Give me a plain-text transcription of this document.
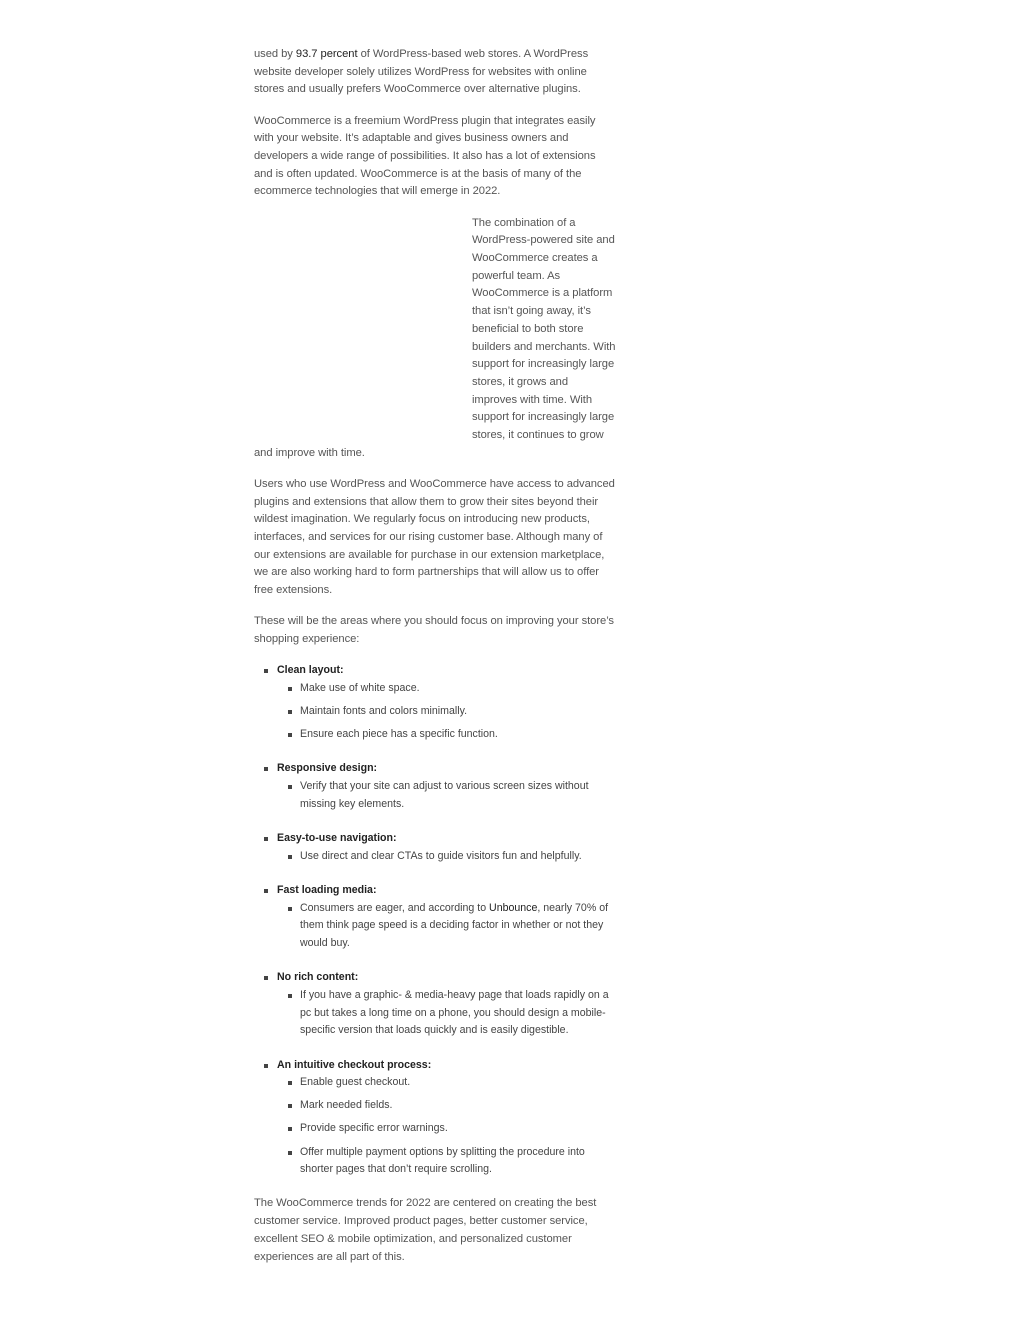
used by 93.7 percent of WordPress-based web stores. A WordPress website developer solely utilizes WordPress for websites with online stores and usually prefers WooCommerce over alternative plugins.

WooCommerce is a freemium WordPress plugin that integrates easily with your website. It’s adaptable and gives business owners and developers a wide range of possibilities. It also has a lot of extensions and is often updated. WooCommerce is at the basis of many of the ecommerce technologies that will emerge in 2022.

The combination of a WordPress-powered site and WooCommerce creates a powerful team. As WooCommerce is a platform that isn’t going away, it’s beneficial to both store builders and merchants. With support for increasingly large stores, it grows and improves with time. With support for increasingly large stores, it continues to grow and improve with time.

Users who use WordPress and WooCommerce have access to advanced plugins and extensions that allow them to grow their sites beyond their wildest imagination. We regularly focus on introducing new products, interfaces, and services for our rising customer base. Although many of our extensions are available for purchase in our extension marketplace, we are also working hard to form partnerships that will allow us to offer free extensions.

These will be the areas where you should focus on improving your store’s shopping experience:

Clean layout:
Make use of white space.
Maintain fonts and colors minimally.
Ensure each piece has a specific function.
Responsive design:
Verify that your site can adjust to various screen sizes without missing key elements.
Easy-to-use navigation:
Use direct and clear CTAs to guide visitors fun and helpfully.
Fast loading media:
Consumers are eager, and according to Unbounce, nearly 70% of them think page speed is a deciding factor in whether or not they would buy.
No rich content:
If you have a graphic- & media-heavy page that loads rapidly on a pc but takes a long time on a phone, you should design a mobile-specific version that loads quickly and is easily digestible.
An intuitive checkout process:
Enable guest checkout.
Mark needed fields.
Provide specific error warnings.
Offer multiple payment options by splitting the procedure into shorter pages that don’t require scrolling.

The WooCommerce trends for 2022 are centered on creating the best customer service. Improved product pages, better customer service, excellent SEO & mobile optimization, and personalized customer experiences are all part of this.
